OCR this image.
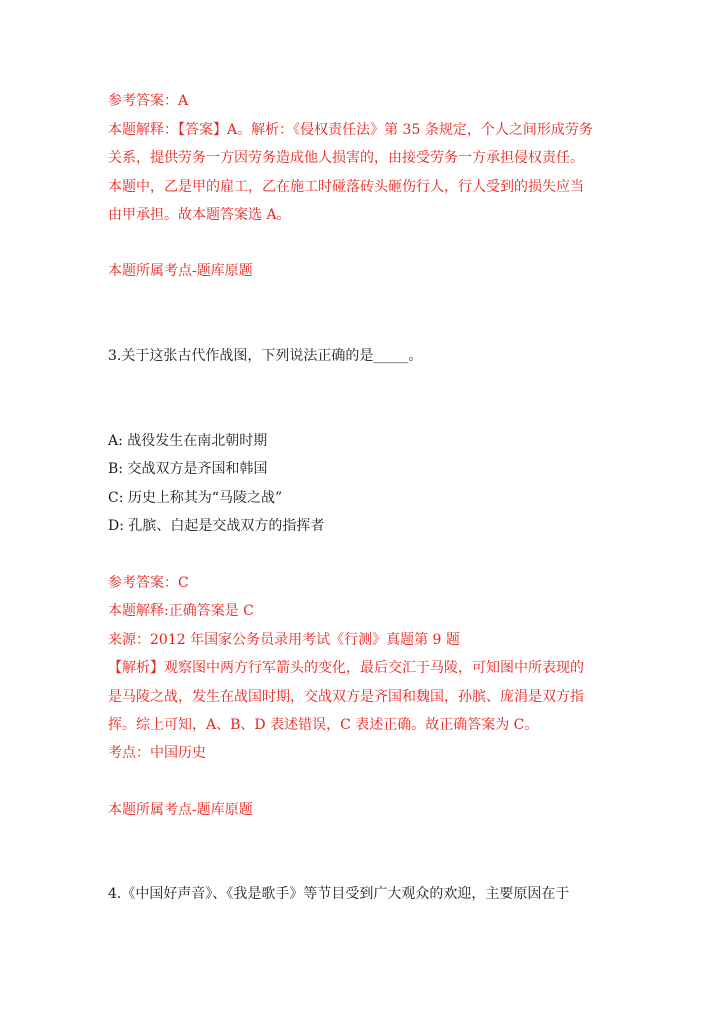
参考答案：A
本题解释：【答案】A。解析：《侵权责任法》第 35 条规定，个人之间形成劳务
关系，提供劳务一方因劳务造成他人损害的，由接受劳务一方承担侵权责任。
本题中，乙是甲的雇工，乙在施工时碰落砖头砸伤行人，行人受到的损失应当
由甲承担。故本题答案选 A。
本题所属考点-题库原题
3.关于这张古代作战图，下列说法正确的是_____。
A: 战役发生在南北朝时期
B: 交战双方是齐国和韩国
C: 历史上称其为“马陵之战”
D: 孔膑、白起是交战双方的指挥者
参考答案：C
本题解释:正确答案是 C
来源：2012 年国家公务员录用考试《行测》真题第 9 题
【解析】观察图中两方行军箭头的变化，最后交汇于马陵，可知图中所表现的
是马陵之战，发生在战国时期，交战双方是齐国和魏国，孙膑、庞涓是双方指
挥。综上可知，A、B、D 表述错误，C 表述正确。故正确答案为 C。
考点：中国历史
本题所属考点-题库原题
4.《中国好声音》、《我是歌手》等节目受到广大观众的欢迎，主要原因在于
